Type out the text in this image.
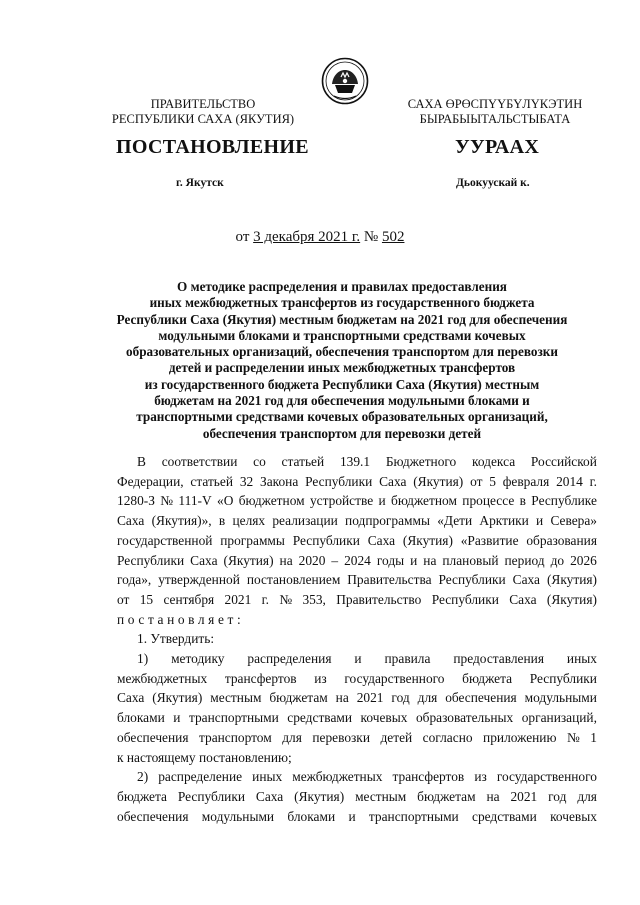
ПРАВИТЕЛЬСТВО
РЕСПУБЛИКИ САХА (ЯКУТИЯ)
САХА ӨРӨСПҮҮБҮЛҮКЭТИН
БЫРАБЫЫТАЛЬСТЫБАТА
ПОСТАНОВЛЕНИЕ	УУРААХ
г. Якутск	Дьокуускай к.
от 3 декабря 2021 г. № 502
О методике распределения и правилах предоставления
иных межбюджетных трансфертов из государственного бюджета
Республики Саха (Якутия) местным бюджетам на 2021 год для обеспечения
модульными блоками и транспортными средствами кочевых
образовательных организаций, обеспечения транспортом для перевозки
детей и распределении иных межбюджетных трансфертов
из государственного бюджета Республики Саха (Якутия) местным
бюджетам на 2021 год для обеспечения модульными блоками и
транспортными средствами кочевых образовательных организаций,
обеспечения транспортом для перевозки детей
В соответствии со статьей 139.1 Бюджетного кодекса Российской
Федерации, статьей 32 Закона Республики Саха (Якутия) от 5 февраля 2014 г.
1280-З № 111-V «О бюджетном устройстве и бюджетном процессе в Республике
Саха (Якутия)», в целях реализации подпрограммы «Дети Арктики и Севера»
государственной программы Республики Саха (Якутия) «Развитие образования
Республики Саха (Якутия) на 2020 – 2024 годы и на плановый период до 2026
года», утвержденной постановлением Правительства Республики Саха (Якутия)
от 15 сентября 2021 г. № 353, Правительство Республики Саха (Якутия)
постановляет:
1. Утвердить:
1) методику распределения и правила предоставления иных
межбюджетных трансфертов из государственного бюджета Республики
Саха (Якутия) местным бюджетам на 2021 год для обеспечения модульными
блоками и транспортными средствами кочевых образовательных организаций,
обеспечения транспортом для перевозки детей согласно приложению № 1
к настоящему постановлению;
2) распределение иных межбюджетных трансфертов из государственного
бюджета Республики Саха (Якутия) местным бюджетам на 2021 год для
обеспечения модульными блоками и транспортными средствами кочевых
